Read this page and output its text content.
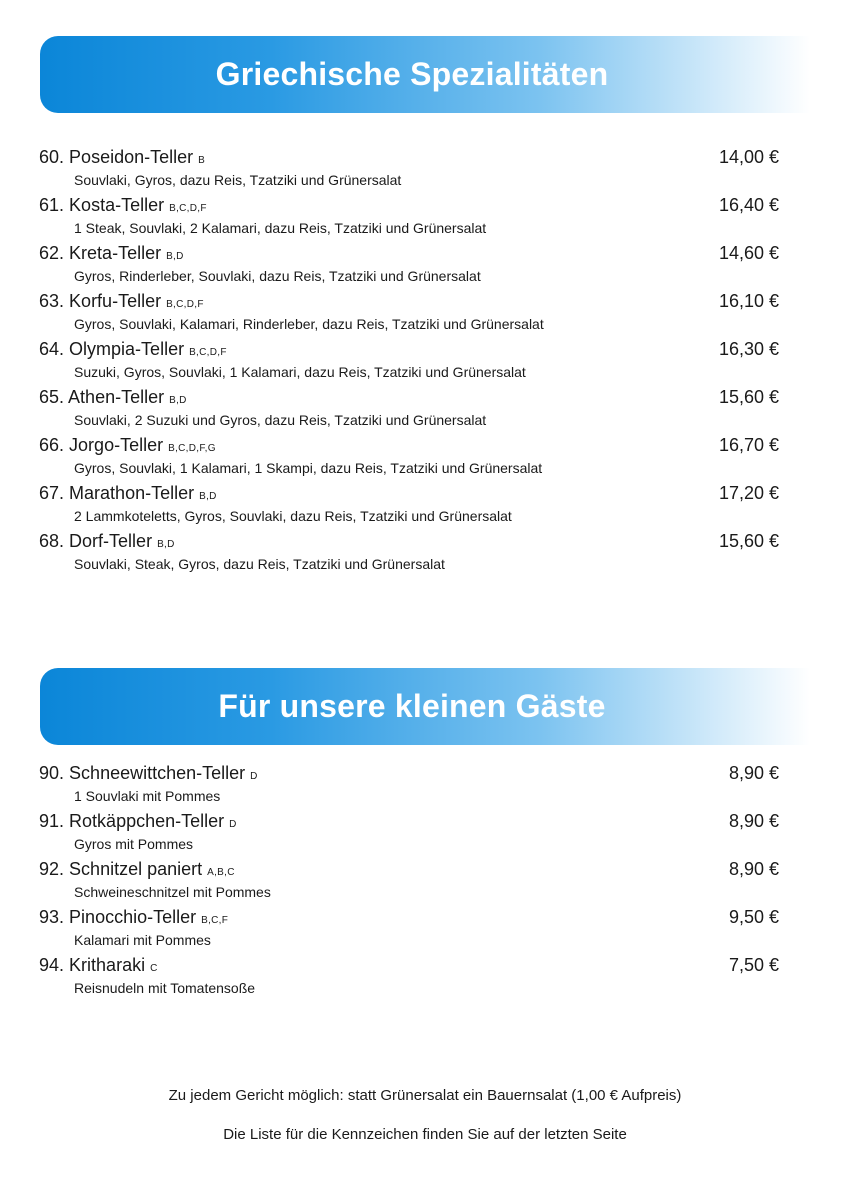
Griechische Spezialitäten
60. Poseidon-Teller B	14,00 €
Souvlaki, Gyros, dazu Reis, Tzatziki und Grünersalat
61. Kosta-Teller B,C,D,F	16,40 €
1 Steak, Souvlaki, 2 Kalamari, dazu Reis, Tzatziki und Grünersalat
62. Kreta-Teller B,D	14,60 €
Gyros, Rinderleber, Souvlaki, dazu Reis, Tzatziki und Grünersalat
63. Korfu-Teller B,C,D,F	16,10 €
Gyros, Souvlaki, Kalamari, Rinderleber, dazu Reis, Tzatziki und Grünersalat
64. Olympia-Teller B,C,D,F	16,30 €
Suzuki, Gyros, Souvlaki, 1 Kalamari, dazu Reis, Tzatziki und Grünersalat
65. Athen-Teller B,D	15,60 €
Souvlaki, 2 Suzuki und Gyros, dazu Reis, Tzatziki und Grünersalat
66. Jorgo-Teller B,C,D,F,G	16,70 €
Gyros, Souvlaki, 1 Kalamari, 1 Skampi, dazu Reis, Tzatziki und Grünersalat
67. Marathon-Teller B,D	17,20 €
2 Lammkoteletts, Gyros, Souvlaki, dazu Reis, Tzatziki und Grünersalat
68. Dorf-Teller B,D	15,60 €
Souvlaki, Steak, Gyros, dazu Reis, Tzatziki und Grünersalat
Für unsere kleinen Gäste
90. Schneewittchen-Teller D	8,90 €
1 Souvlaki mit Pommes
91. Rotkäppchen-Teller D	8,90 €
Gyros mit Pommes
92. Schnitzel paniert A,B,C	8,90 €
Schweineschnitzel mit Pommes
93. Pinocchio-Teller B,C,F	9,50 €
Kalamari mit Pommes
94. Kritharaki C	7,50 €
Reisnudeln mit Tomatensoße
Zu jedem Gericht möglich: statt Grünersalat ein Bauernsalat (1,00 € Aufpreis)
Die Liste für die Kennzeichen finden Sie auf der letzten Seite
